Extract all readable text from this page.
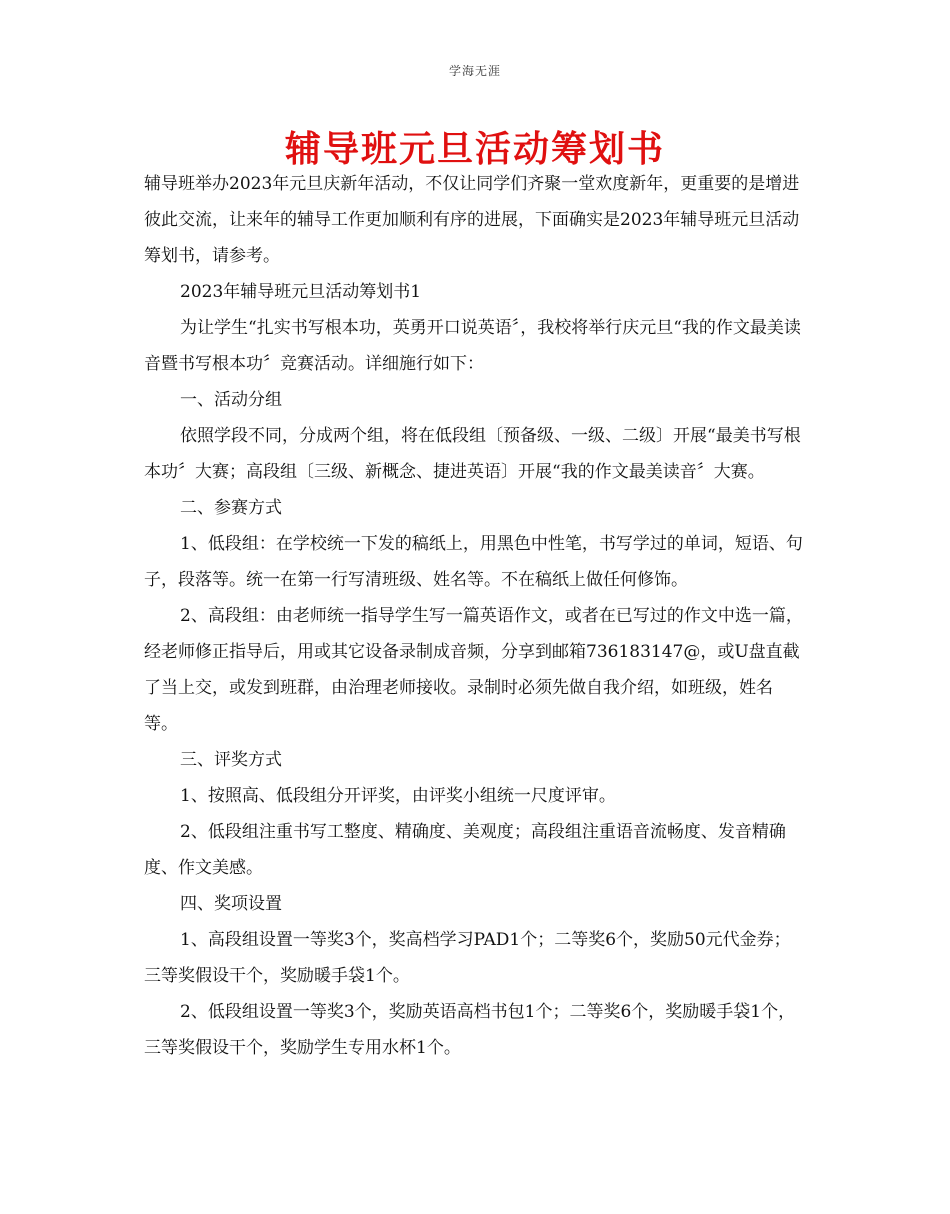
学海无涯
辅导班元旦活动筹划书

辅导班举办2023年元旦庆新年活动，不仅让同学们齐聚一堂欢度新年，更重要的是增进彼此交流，让来年的辅导工作更加顺利有序的进展，下面确实是2023年辅导班元旦活动筹划书，请参考。

2023年辅导班元旦活动筹划书1

为让学生“扎实书写根本功，英勇开口说英语〞，我校将举行庆元旦“我的作文最美读音暨书写根本功〞竞赛活动。详细施行如下：

一、活动分组

依照学段不同，分成两个组，将在低段组〔预备级、一级、二级〕开展“最美书写根本功〞大赛；高段组〔三级、新概念、捷进英语〕开展“我的作文最美读音〞大赛。

二、参赛方式

1、低段组：在学校统一下发的稿纸上，用黑色中性笔，书写学过的单词，短语、句子，段落等。统一在第一行写清班级、姓名等。不在稿纸上做任何修饰。

2、高段组：由老师统一指导学生写一篇英语作文，或者在已写过的作文中选一篇，经老师修正指导后，用或其它设备录制成音频，分享到邮箱736183147@，或U盘直截了当上交，或发到班群，由治理老师接收。录制时必须先做自我介绍，如班级，姓名等。

三、评奖方式

1、按照高、低段组分开评奖，由评奖小组统一尺度评审。

2、低段组注重书写工整度、精确度、美观度；高段组注重语音流畅度、发音精确度、作文美感。

四、奖项设置

1、高段组设置一等奖3个，奖高档学习PAD1个；二等奖6个，奖励50元代金券；三等奖假设干个，奖励暖手袋1个。

2、低段组设置一等奖3个，奖励英语高档书包1个；二等奖6个，奖励暖手袋1个，三等奖假设干个，奖励学生专用水杯1个。
